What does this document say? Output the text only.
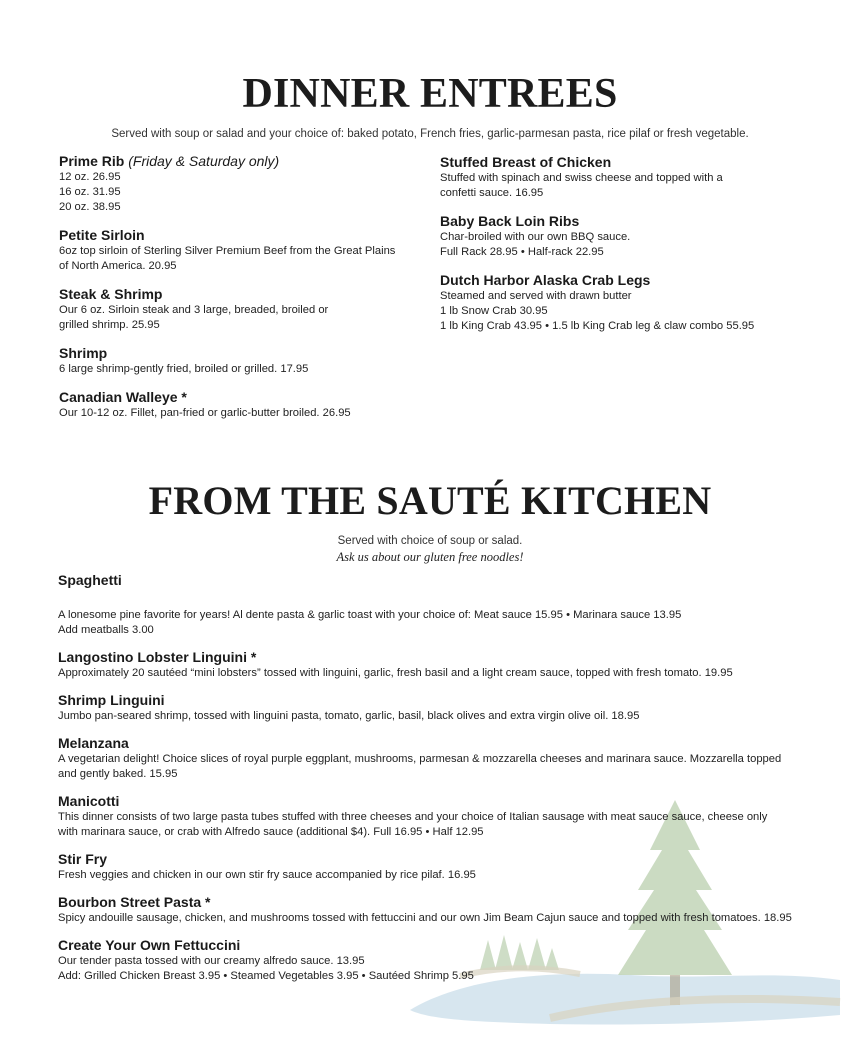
DINNER ENTREES
Served with soup or salad and your choice of: baked potato, French fries, garlic-parmesan pasta, rice pilaf or fresh vegetable.
Prime Rib (Friday & Saturday only)
12 oz. 26.95
16 oz. 31.95
20 oz. 38.95
Petite Sirloin
6oz top sirloin of Sterling Silver Premium Beef from the Great Plains
of North America. 20.95
Steak & Shrimp
Our 6 oz. Sirloin steak and 3 large, breaded, broiled or
grilled shrimp. 25.95
Shrimp
6 large shrimp-gently fried, broiled or grilled. 17.95
Canadian Walleye *
Our 10-12 oz. Fillet, pan-fried or garlic-butter broiled. 26.95
Stuffed Breast of Chicken
Stuffed with spinach and swiss cheese and topped with a
confetti sauce. 16.95
Baby Back Loin Ribs
Char-broiled with our own BBQ sauce.
Full Rack 28.95 • Half-rack 22.95
Dutch Harbor Alaska Crab Legs
Steamed and served with drawn butter
1 lb Snow Crab 30.95
1 lb King Crab 43.95 • 1.5 lb King Crab leg & claw combo 55.95
FROM THE SAUTÉ KITCHEN
Served with choice of soup or salad.
Ask us about our gluten free noodles!
Spaghetti
A lonesome pine favorite for years! Al dente pasta & garlic toast with your choice of: Meat sauce 15.95 • Marinara sauce 13.95
Add meatballs 3.00
Langostino Lobster Linguini *
Approximately 20 sautéed “mini lobsters” tossed with linguini, garlic, fresh basil and a light cream sauce, topped with fresh tomato. 19.95
Shrimp Linguini
Jumbo pan-seared shrimp, tossed with linguini pasta, tomato, garlic, basil, black olives and extra virgin olive oil. 18.95
Melanzana
A vegetarian delight! Choice slices of royal purple eggplant, mushrooms, parmesan & mozzarella cheeses and marinara sauce. Mozzarella topped
and gently baked. 15.95
Manicotti
This dinner consists of two large pasta tubes stuffed with three cheeses and your choice of Italian sausage with meat sauce sauce, cheese only
with marinara sauce, or crab with Alfredo sauce (additional $4). Full 16.95 • Half 12.95
Stir Fry
Fresh veggies and chicken in our own stir fry sauce accompanied by rice pilaf. 16.95
Bourbon Street Pasta *
Spicy andouille sausage, chicken, and mushrooms tossed with fettuccini and our own Jim Beam Cajun sauce and topped with fresh tomatoes. 18.95
Create Your Own Fettuccini
Our tender pasta tossed with our creamy alfredo sauce. 13.95
Add: Grilled Chicken Breast 3.95 • Steamed Vegetables 3.95 • Sautéed Shrimp 5.95
